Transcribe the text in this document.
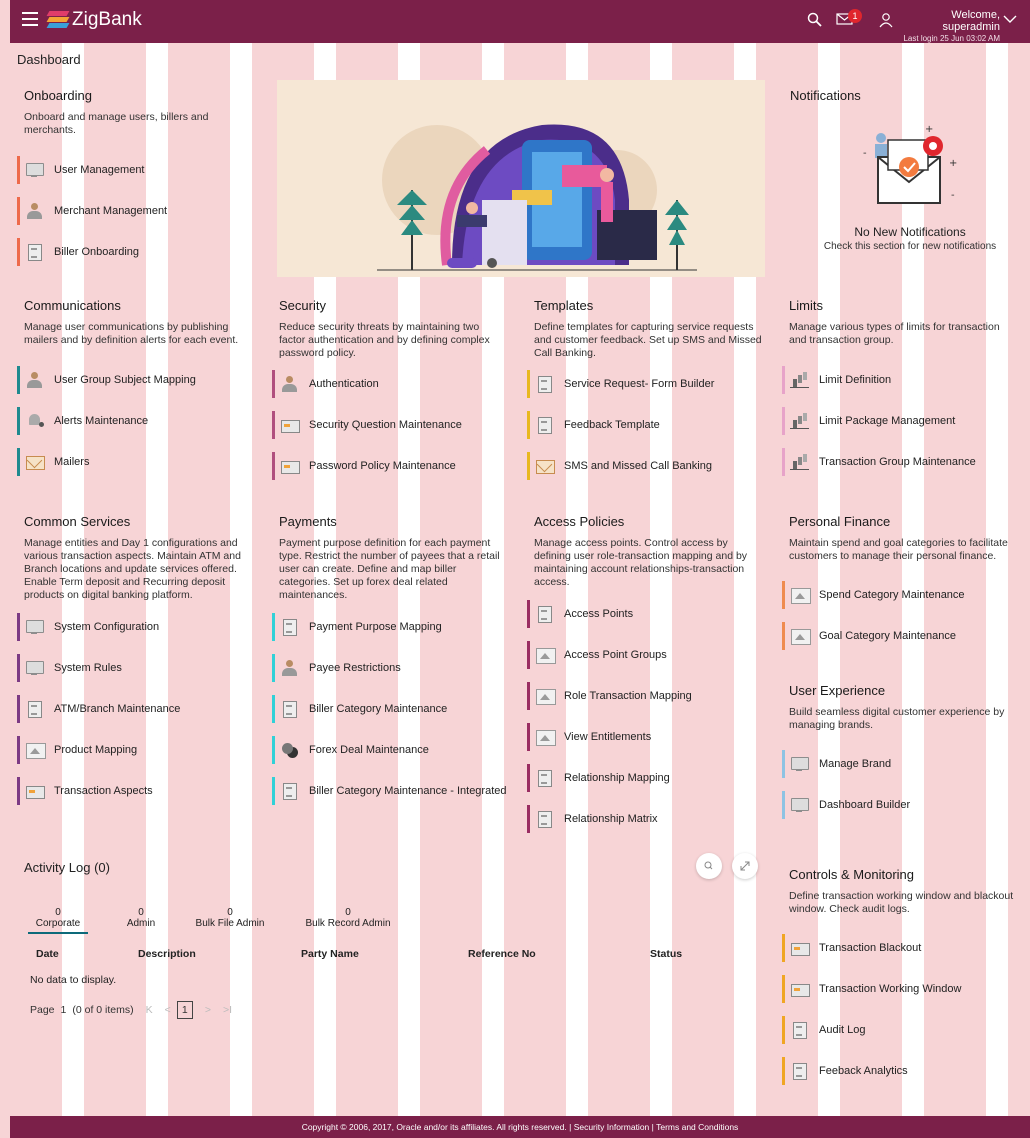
ZigBank	1	Welcome, superadmin
Last login 25 Jun 03:02 AM
Dashboard
Onboarding
Onboard and manage users, billers and merchants.
User Management
Merchant Management
Biller Onboarding
Notifications
+
+
-
-
No New Notifications
Check this section for new notifications
Communications
Manage user communications by publishing mailers and by definition alerts for each event.
User Group Subject Mapping
Alerts Maintenance
Mailers
Security
Reduce security threats by maintaining two factor authentication and by defining complex password policy.
Authentication
Security Question Maintenance
Password Policy Maintenance
Templates
Define templates for capturing service requests and customer feedback. Set up SMS and Missed Call Banking.
Service Request- Form Builder
Feedback Template
SMS and Missed Call Banking
Limits
Manage various types of limits for transaction and transaction group.
Limit Definition
Limit Package Management
Transaction Group Maintenance
Common Services
Manage entities and Day 1 configurations and various transaction aspects. Maintain ATM and Branch locations and update services offered. Enable Term deposit and Recurring deposit products on digital banking platform.
System Configuration
System Rules
ATM/Branch Maintenance
Product Mapping
Transaction Aspects
Payments
Payment purpose definition for each payment type. Restrict the number of payees that a retail user can create. Define and map biller categories. Set up forex deal related maintenances.
Payment Purpose Mapping
Payee Restrictions
Biller Category Maintenance
Forex Deal Maintenance
Biller Category Maintenance - Integrated
Access Policies
Manage access points. Control access by defining user role-transaction mapping and by maintaining account relationships-transaction access.
Access Points
Access Point Groups
Role Transaction Mapping
View Entitlements
Relationship Mapping
Relationship Matrix
Personal Finance
Maintain spend and goal categories to facilitate customers to manage their personal finance.
Spend Category Maintenance
Goal Category Maintenance
User Experience
Build seamless digital customer experience by managing brands.
Manage Brand
Dashboard Builder
Controls & Monitoring
Define transaction working window and blackout window. Check audit logs.
Transaction Blackout
Transaction Working Window
Audit Log
Feeback Analytics
Activity Log (0)
0
Corporate
0
Admin
0
Bulk File Admin
0
Bulk Record Admin
Date	Description	Party Name	Reference No	Status
No data to display.
Page 1 (0 of 0 items) K <	1	> >I
Copyright © 2006, 2017, Oracle and/or its affiliates. All rights reserved. | Security Information | Terms and Conditions
